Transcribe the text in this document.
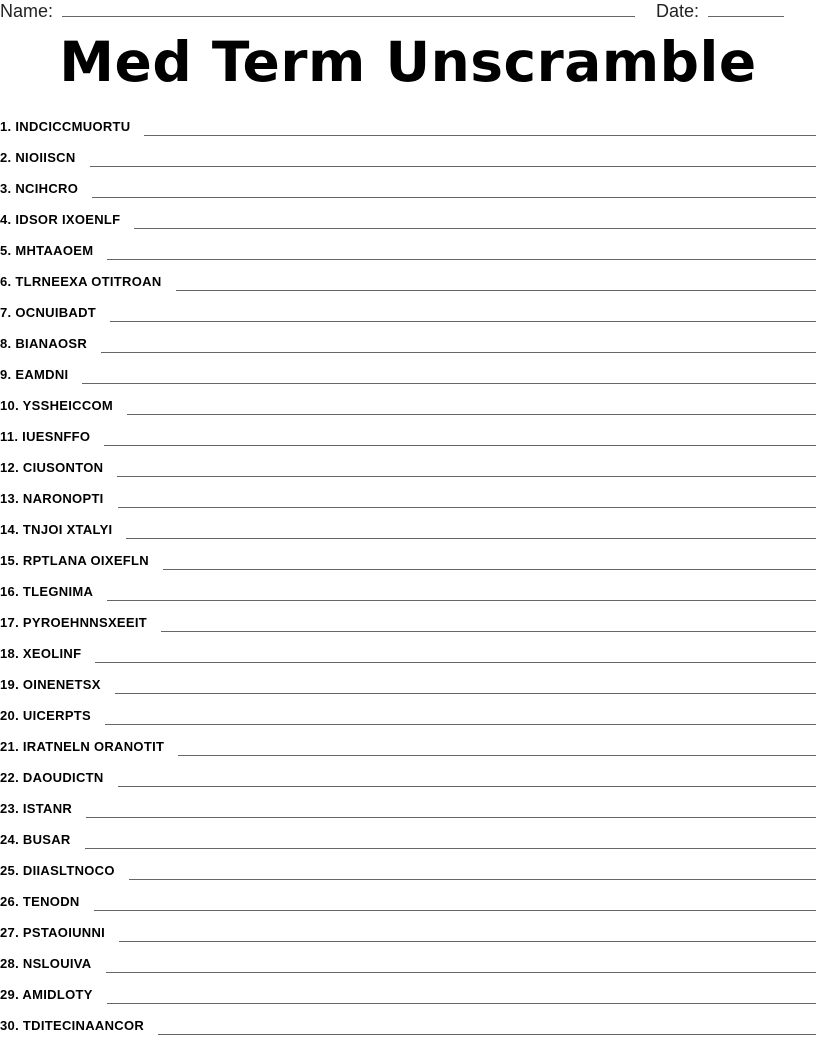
Name:	Date:
Med Term Unscramble
1 . INDCICCMUORTU
2 . NIOIISCN
3 . NCIHCRO
4 . IDSOR IXOENLF
5 . MHTAAOEM
6 . TLRNEEXA OTITROAN
7 . OCNUIBADT
8 . BIANAOSR
9 . EAMDNI
10 . YSSHEICCOM
11 . IUESNFFO
12 . CIUSONTON
13 . NARONOPTI
14 . TNJOI XTALYI
15 . RPTLANA OIXEFLN
16 . TLEGNIMA
17 . PYROEHNNSXEEIT
18 . XEOLINF
19 . OINENETSX
20 . UICERPTS
21 . IRATNELN ORANOTIT
22 . DAOUDICTN
23 . ISTANR
24 . BUSAR
25 . DIIASLTNOCO
26 . TENODN
27 . PSTAOIUNNI
28 . NSLOUIVA
29 . AMIDLOTY
30 . TDITECINAANCOR
